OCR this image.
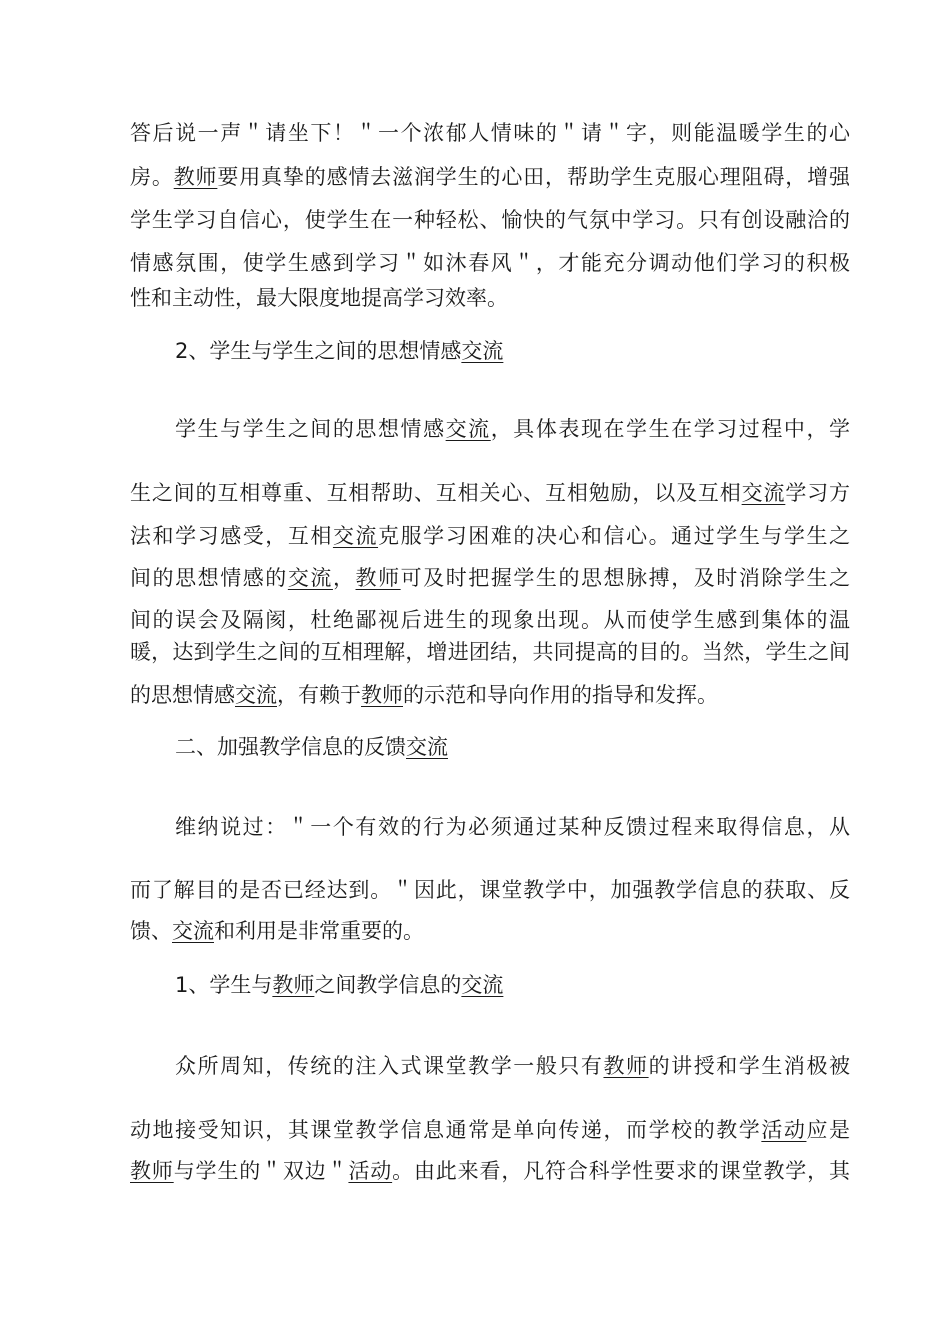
答后说一声＂请坐下！＂一个浓郁人情味的＂请＂字，则能温暖学生的心
房。教师要用真挚的感情去滋润学生的心田，帮助学生克服心理阻碍，增强
学生学习自信心，使学生在一种轻松、愉快的气氛中学习。只有创设融洽的
情感氛围，使学生感到学习＂如沐春风＂，才能充分调动他们学习的积极
性和主动性，最大限度地提高学习效率。
2、学生与学生之间的思想情感交流
学生与学生之间的思想情感交流，具体表现在学生在学习过程中，学
生之间的互相尊重、互相帮助、互相关心、互相勉励，以及互相交流学习方
法和学习感受，互相交流克服学习困难的决心和信心。通过学生与学生之
间的思想情感的交流，教师可及时把握学生的思想脉搏，及时消除学生之
间的误会及隔阂，杜绝鄙视后进生的现象出现。从而使学生感到集体的温
暖，达到学生之间的互相理解，增进团结，共同提高的目的。当然，学生之间
的思想情感交流，有赖于教师的示范和导向作用的指导和发挥。
二、加强教学信息的反馈交流
维纳说过：＂一个有效的行为必须通过某种反馈过程来取得信息，从
而了解目的是否已经达到。＂因此，课堂教学中，加强教学信息的获取、反
馈、交流和利用是非常重要的。
1、学生与教师之间教学信息的交流
众所周知，传统的注入式课堂教学一般只有教师的讲授和学生消极被
动地接受知识，其课堂教学信息通常是单向传递，而学校的教学活动应是
教师与学生的＂双边＂活动。由此来看，凡符合科学性要求的课堂教学，其
